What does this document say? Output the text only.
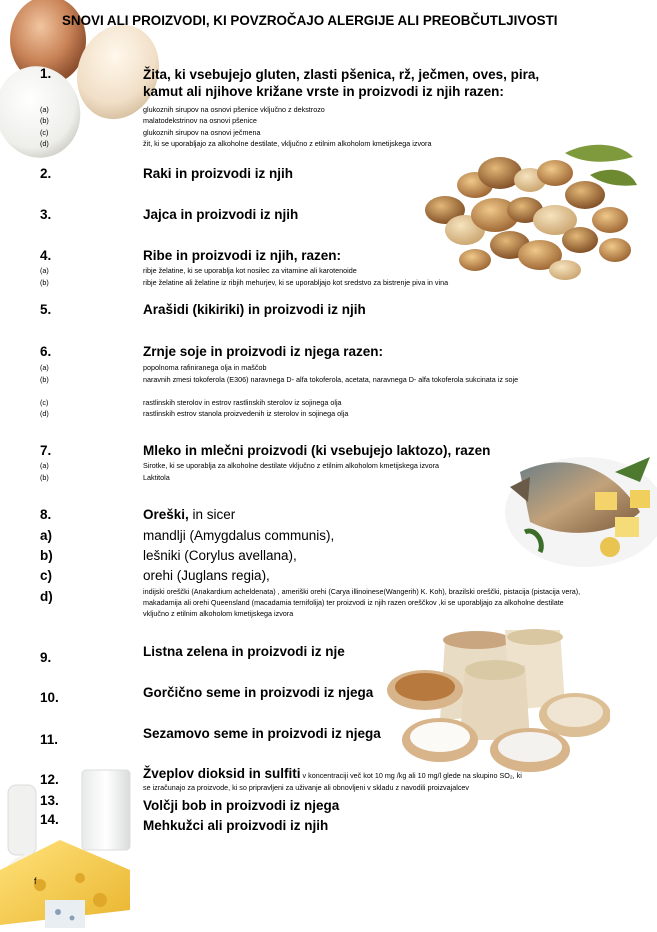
SNOVI ALI PROIZVODI, KI POVZROČAJO ALERGIJE ALI PREOBČUTLJIVOSTI
1.	Žita, ki vsebujejo gluten, zlasti pšenica, rž, ječmen, oves, pira, kamut ali njihove križane vrste in proizvodi iz njih razen:
(a)	glukoznih sirupov na osnovi pšenice vključno z dekstrozo
(b)	malatodekstrinov na osnovi pšenice
(c)	glukoznih sirupov na osnovi ječmena
(d)	žit, ki se uporabljajo za alkoholne destilate, vključno z etilnim alkoholom kmetijskega izvora
2.	Raki in proizvodi iz njih
3.	Jajca in proizvodi iz njih
4.	Ribe in proizvodi iz njih, razen:
(a)	ribje želatine, ki se uporablja kot nosilec za vitamine ali karotenoide
(b)	ribje želatine ali želatine iz ribjih mehurjev, ki se uporabljajo kot sredstvo za bistrenje piva in vina
5.	Arašidi (kikiriki) in proizvodi iz njih
6.	Zrnje soje in proizvodi iz njega razen:
(a)	popolnoma rafiniranega olja in maščob
(b)	naravnih zmesi tokoferola (E306) naravnega D- alfa tokoferola, acetata, naravnega D- alfa tokoferola sukcinata iz soje
(c)	rastlinskih sterolov in estrov rastlinskih sterolov iz sojinega olja
(d)	rastlinskih estrov stanola proizvedenih iz sterolov in sojinega olja
7.	Mleko in mlečni proizvodi (ki vsebujejo laktozo), razen
(a)	Sirotke, ki se uporablja za alkoholne destilate vključno z etilnim alkoholom kmetijskega izvora
(b)	Laktitola
8.	Oreški, in sicer
a)	mandlji (Amygdalus communis),
b)	lešniki (Corylus avellana),
c)	orehi (Juglans regia),
d)	indijski oreščki (Anakardium acheldenata) , ameriški orehi (Carya illinoinese(Wangerih) K. Koh), brazilski oreščki, pistacija (pistacija vera), makadamija ali orehi Queensland (macadamia ternifolija) ter proizvodi iz njih razen oreščkov ,ki se uporabljajo za alkoholne destilate vključno z etilnim alkoholom kmetijskega izvora
9.	Listna zelena in proizvodi iz nje
10.	Gorčično seme in proizvodi iz njega
11.	Sezamovo seme in proizvodi iz njega
12.	Žveplov dioksid in sulfiti v koncentraciji več kot 10 mg /kg ali 10 mg/l glede na skupino SO₂, ki
se izračunajo za proizvode, ki so pripravljeni za uživanje ali obnovljeni v skladu z navodili proizvajalcev
13.	Volčji bob in proizvodi iz njega
14.	Mehkužci ali proizvodi iz njih
f
